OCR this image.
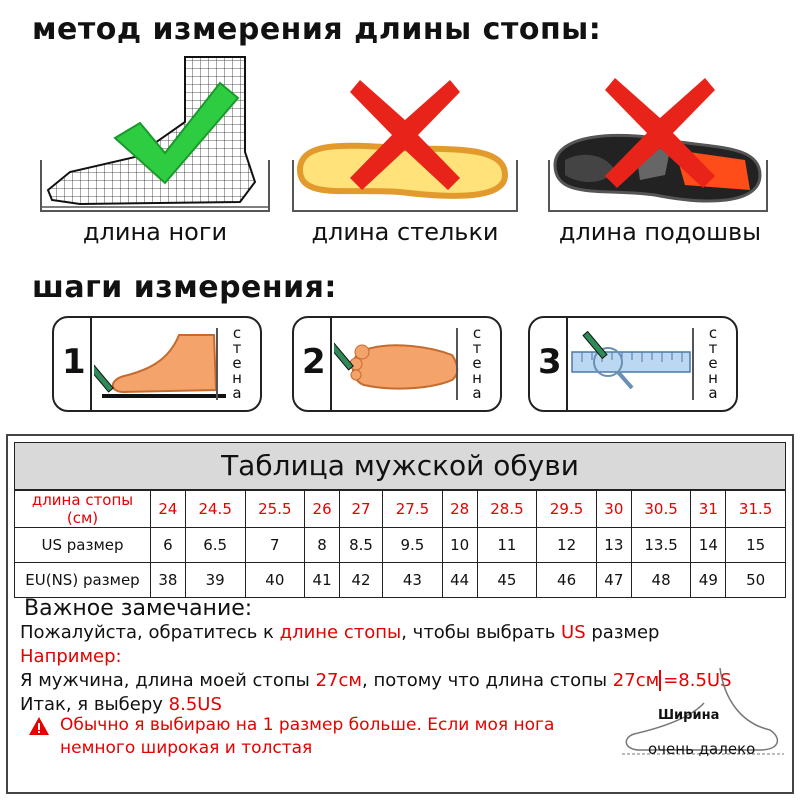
метод измерения длины стопы:
длина ноги	длина стельки	длина подошвы
шаги измерения:
1
с
т
е
н
а
2
с
т
е
н
а
3
с
т
е
н
а
Таблица мужской обуви
длина стопы (см)	24	24.5	25.5	26	27	27.5	28	28.5	29.5	30	30.5	31	31.5
US размер	6	6.5	7	8	8.5	9.5	10	11	12	13	13.5	14	15
EU(NS) размер	38	39	40	41	42	43	44	45	46	47	48	49	50
Важное замечание:
Пожалуйста, обратитесь к длине стопы, чтобы выбрать US размер
Например:
Я мужчина, длина моей стопы 27см, потому что длина стопы 27см =8.5US
Итак, я выберу 8.5US
Обычно я выбираю на 1 размер больше. Если моя нога
немного широкая и толстая
Ширина
очень далеко
